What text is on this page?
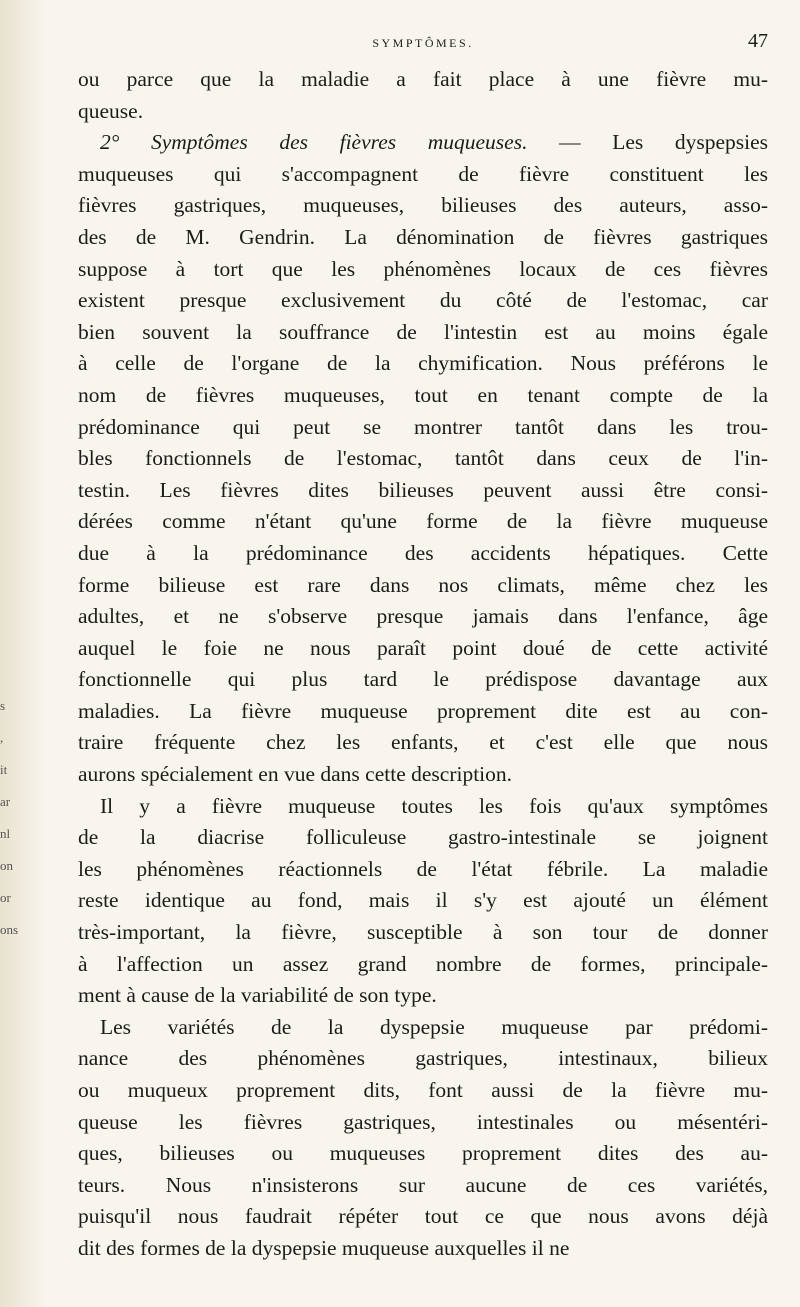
s
,
it
ar
nl
on
or
ons
SYMPTÔMES.	47

ou parce que la maladie a fait place à une fièvre mu-
queuse.

2° Symptômes des fièvres muqueuses. — Les dyspepsies
muqueuses qui s'accompagnent de fièvre constituent les
fièvres gastriques, muqueuses, bilieuses des auteurs, asso-
des de M. Gendrin. La dénomination de fièvres gastriques
suppose à tort que les phénomènes locaux de ces fièvres
existent presque exclusivement du côté de l'estomac, car
bien souvent la souffrance de l'intestin est au moins égale
à celle de l'organe de la chymification. Nous préférons le
nom de fièvres muqueuses, tout en tenant compte de la
prédominance qui peut se montrer tantôt dans les trou-
bles fonctionnels de l'estomac, tantôt dans ceux de l'in-
testin. Les fièvres dites bilieuses peuvent aussi être consi-
dérées comme n'étant qu'une forme de la fièvre muqueuse
due à la prédominance des accidents hépatiques. Cette
forme bilieuse est rare dans nos climats, même chez les
adultes, et ne s'observe presque jamais dans l'enfance, âge
auquel le foie ne nous paraît point doué de cette activité
fonctionnelle qui plus tard le prédispose davantage aux
maladies. La fièvre muqueuse proprement dite est au con-
traire fréquente chez les enfants, et c'est elle que nous
aurons spécialement en vue dans cette description.

Il y a fièvre muqueuse toutes les fois qu'aux symptômes
de la diacrise folliculeuse gastro-intestinale se joignent
les phénomènes réactionnels de l'état fébrile. La maladie
reste identique au fond, mais il s'y est ajouté un élément
très-important, la fièvre, susceptible à son tour de donner
à l'affection un assez grand nombre de formes, principale-
ment à cause de la variabilité de son type.

Les variétés de la dyspepsie muqueuse par prédomi-
nance des phénomènes gastriques, intestinaux, bilieux
ou muqueux proprement dits, font aussi de la fièvre mu-
queuse les fièvres gastriques, intestinales ou mésentéri-
ques, bilieuses ou muqueuses proprement dites des au-
teurs. Nous n'insisterons sur aucune de ces variétés,
puisqu'il nous faudrait répéter tout ce que nous avons déjà
dit des formes de la dyspepsie muqueuse auxquelles il ne
